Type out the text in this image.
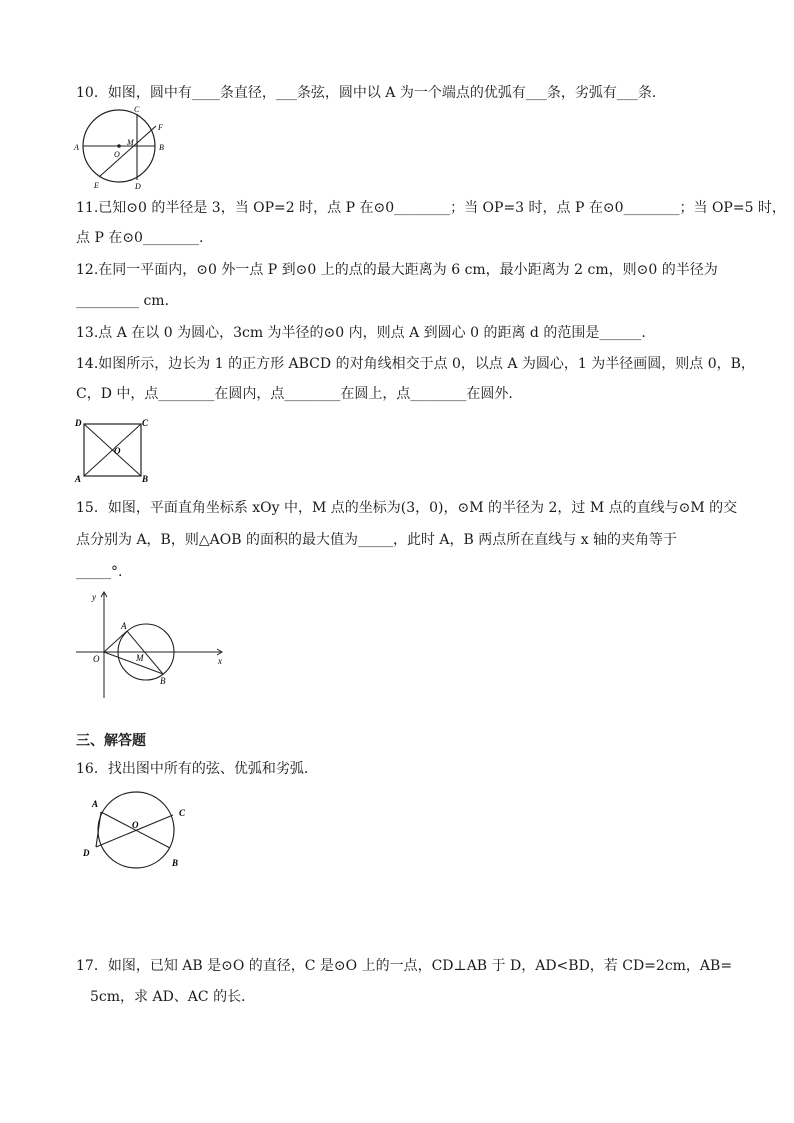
10．如图，圆中有____条直径，___条弦，圆中以 A 为一个端点的优弧有___条，劣弧有___条．
A	B
C
D
E
F
O
M
11.已知⊙0 的半径是 3，当 OP=2 时，点 P 在⊙0________；当 OP=3 时，点 P 在⊙0________；当 OP=5 时，
点 P 在⊙0________.
12.在同一平面内，⊙0 外一点 P 到⊙0 上的点的最大距离为 6 cm，最小距离为 2 cm，则⊙0 的半径为
_________ cm.
13.点 A 在以 0 为圆心，3cm 为半径的⊙0 内，则点 A 到圆心 0 的距离 d 的范围是______.
14.如图所示，边长为 1 的正方形 ABCD 的对角线相交于点 0，以点 A 为圆心，1 为半径画圆，则点 0，B，
C，D 中，点________在圆内，点________在圆上，点________在圆外.
D	C
A	B
O
15．如图，平面直角坐标系 xOy 中，M 点的坐标为(3，0)，⊙M 的半径为 2，过 M 点的直线与⊙M 的交
点分别为 A，B，则△AOB 的面积的最大值为_____，此时 A，B 两点所在直线与 x 轴的夹角等于
_____°.
y
x
O	M
A
B
三、解答题
16．找出图中所有的弦、优弧和劣弧．
A
C
D
B
O
17．如图，已知 AB 是⊙O 的直径，C 是⊙O 上的一点，CD⊥AB 于 D，AD<BD，若 CD=2cm，AB=
5cm，求 AD、AC 的长．
